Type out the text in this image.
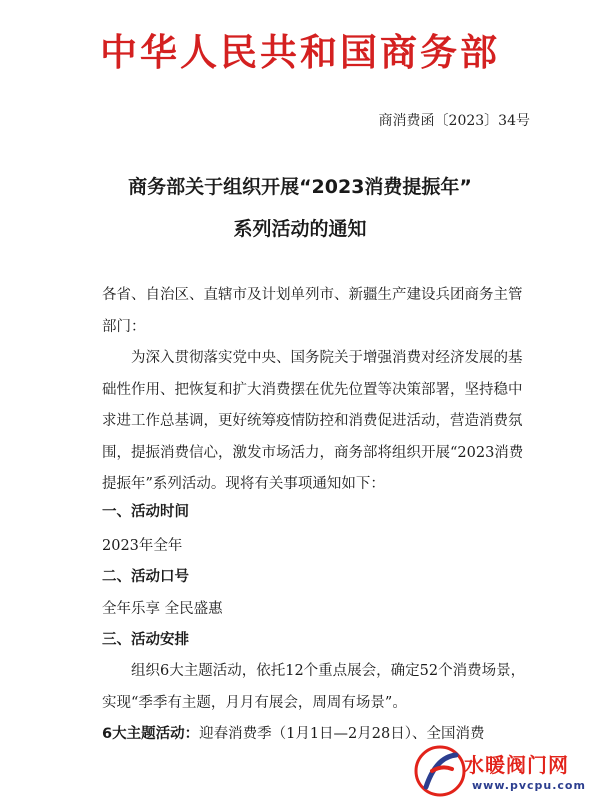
中华人民共和国商务部
商消费函〔2023〕34号
商务部关于组织开展“2023消费提振年”
系列活动的通知
各省、自治区、直辖市及计划单列市、新疆生产建设兵团商务主管部门：
为深入贯彻落实党中央、国务院关于增强消费对经济发展的基础性作用、把恢复和扩大消费摆在优先位置等决策部署，坚持稳中求进工作总基调，更好统筹疫情防控和消费促进活动，营造消费氛围，提振消费信心，激发市场活力，商务部将组织开展“2023消费提振年”系列活动。现将有关事项通知如下：
一、活动时间
2023年全年
二、活动口号
全年乐享 全民盛惠
三、活动安排
组织6大主题活动，依托12个重点展会，确定52个消费场景，实现“季季有主题，月月有展会，周周有场景”。
6大主题活动：迎春消费季（1月1日—2月28日）、全国消费
水暖阀门网
www.pvcpu.com
